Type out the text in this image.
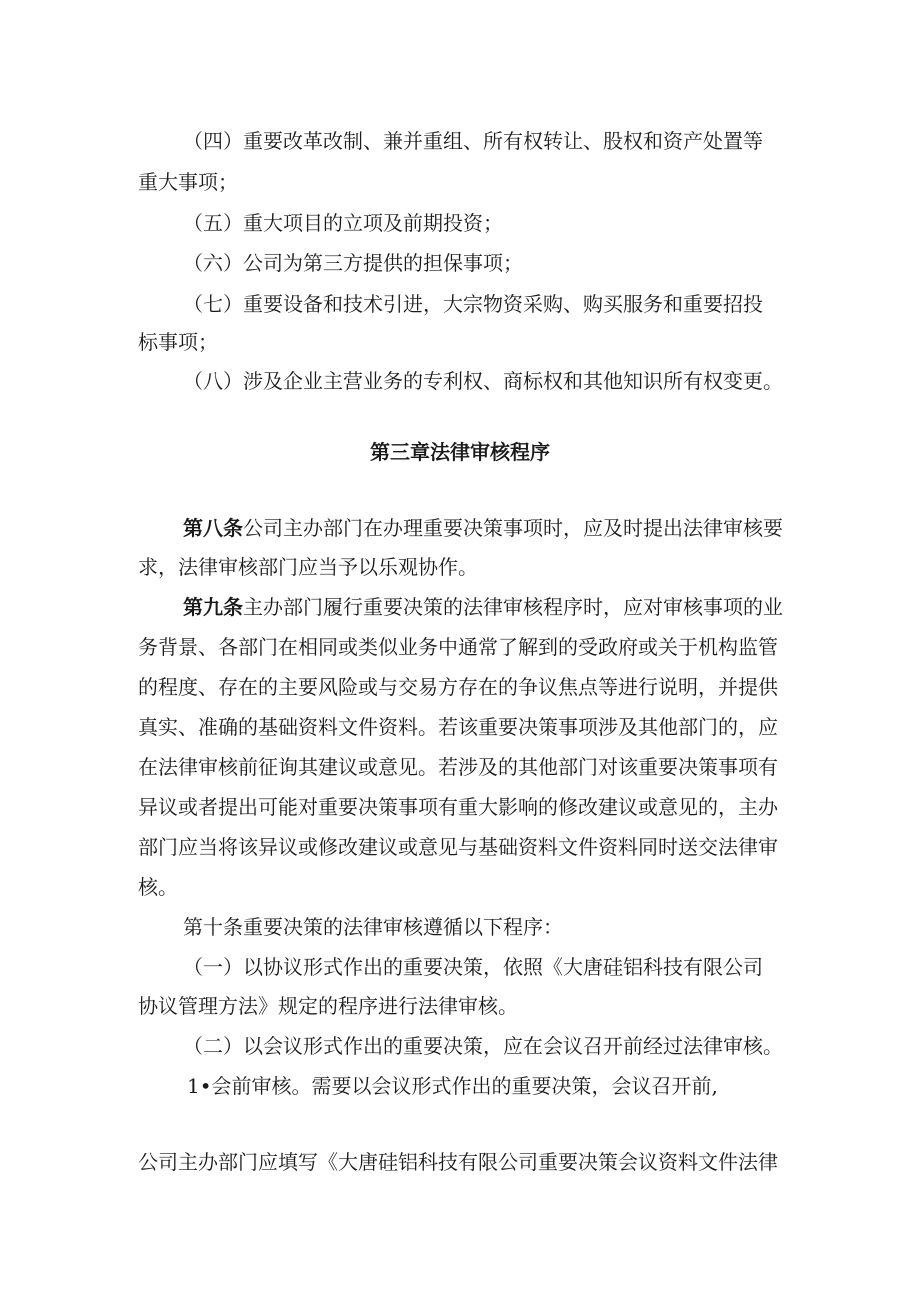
（四）重要改革改制、兼并重组、所有权转让、股权和资产处置等
重大事项；
（五）重大项目的立项及前期投资；
（六）公司为第三方提供的担保事项；
（七）重要设备和技术引进，大宗物资采购、购买服务和重要招投
标事项；
（八）涉及企业主营业务的专利权、商标权和其他知识所有权变更。
第三章法律审核程序
第八条公司主办部门在办理重要决策事项时，应及时提出法律审核要
求，法律审核部门应当予以乐观协作。
第九条主办部门履行重要决策的法律审核程序时，应对审核事项的业
务背景、各部门在相同或类似业务中通常了解到的受政府或关于机构监管
的程度、存在的主要风险或与交易方存在的争议焦点等进行说明，并提供
真实、准确的基础资料文件资料。若该重要决策事项涉及其他部门的，应
在法律审核前征询其建议或意见。若涉及的其他部门对该重要决策事项有
异议或者提出可能对重要决策事项有重大影响的修改建议或意见的，主办
部门应当将该异议或修改建议或意见与基础资料文件资料同时送交法律审
核。
第十条重要决策的法律审核遵循以下程序：
（一）以协议形式作出的重要决策，依照《大唐硅铝科技有限公司
协议管理方法》规定的程序进行法律审核。
（二）以会议形式作出的重要决策，应在会议召开前经过法律审核。
1•会前审核。需要以会议形式作出的重要决策，会议召开前,
公司主办部门应填写《大唐硅铝科技有限公司重要决策会议资料文件法律
